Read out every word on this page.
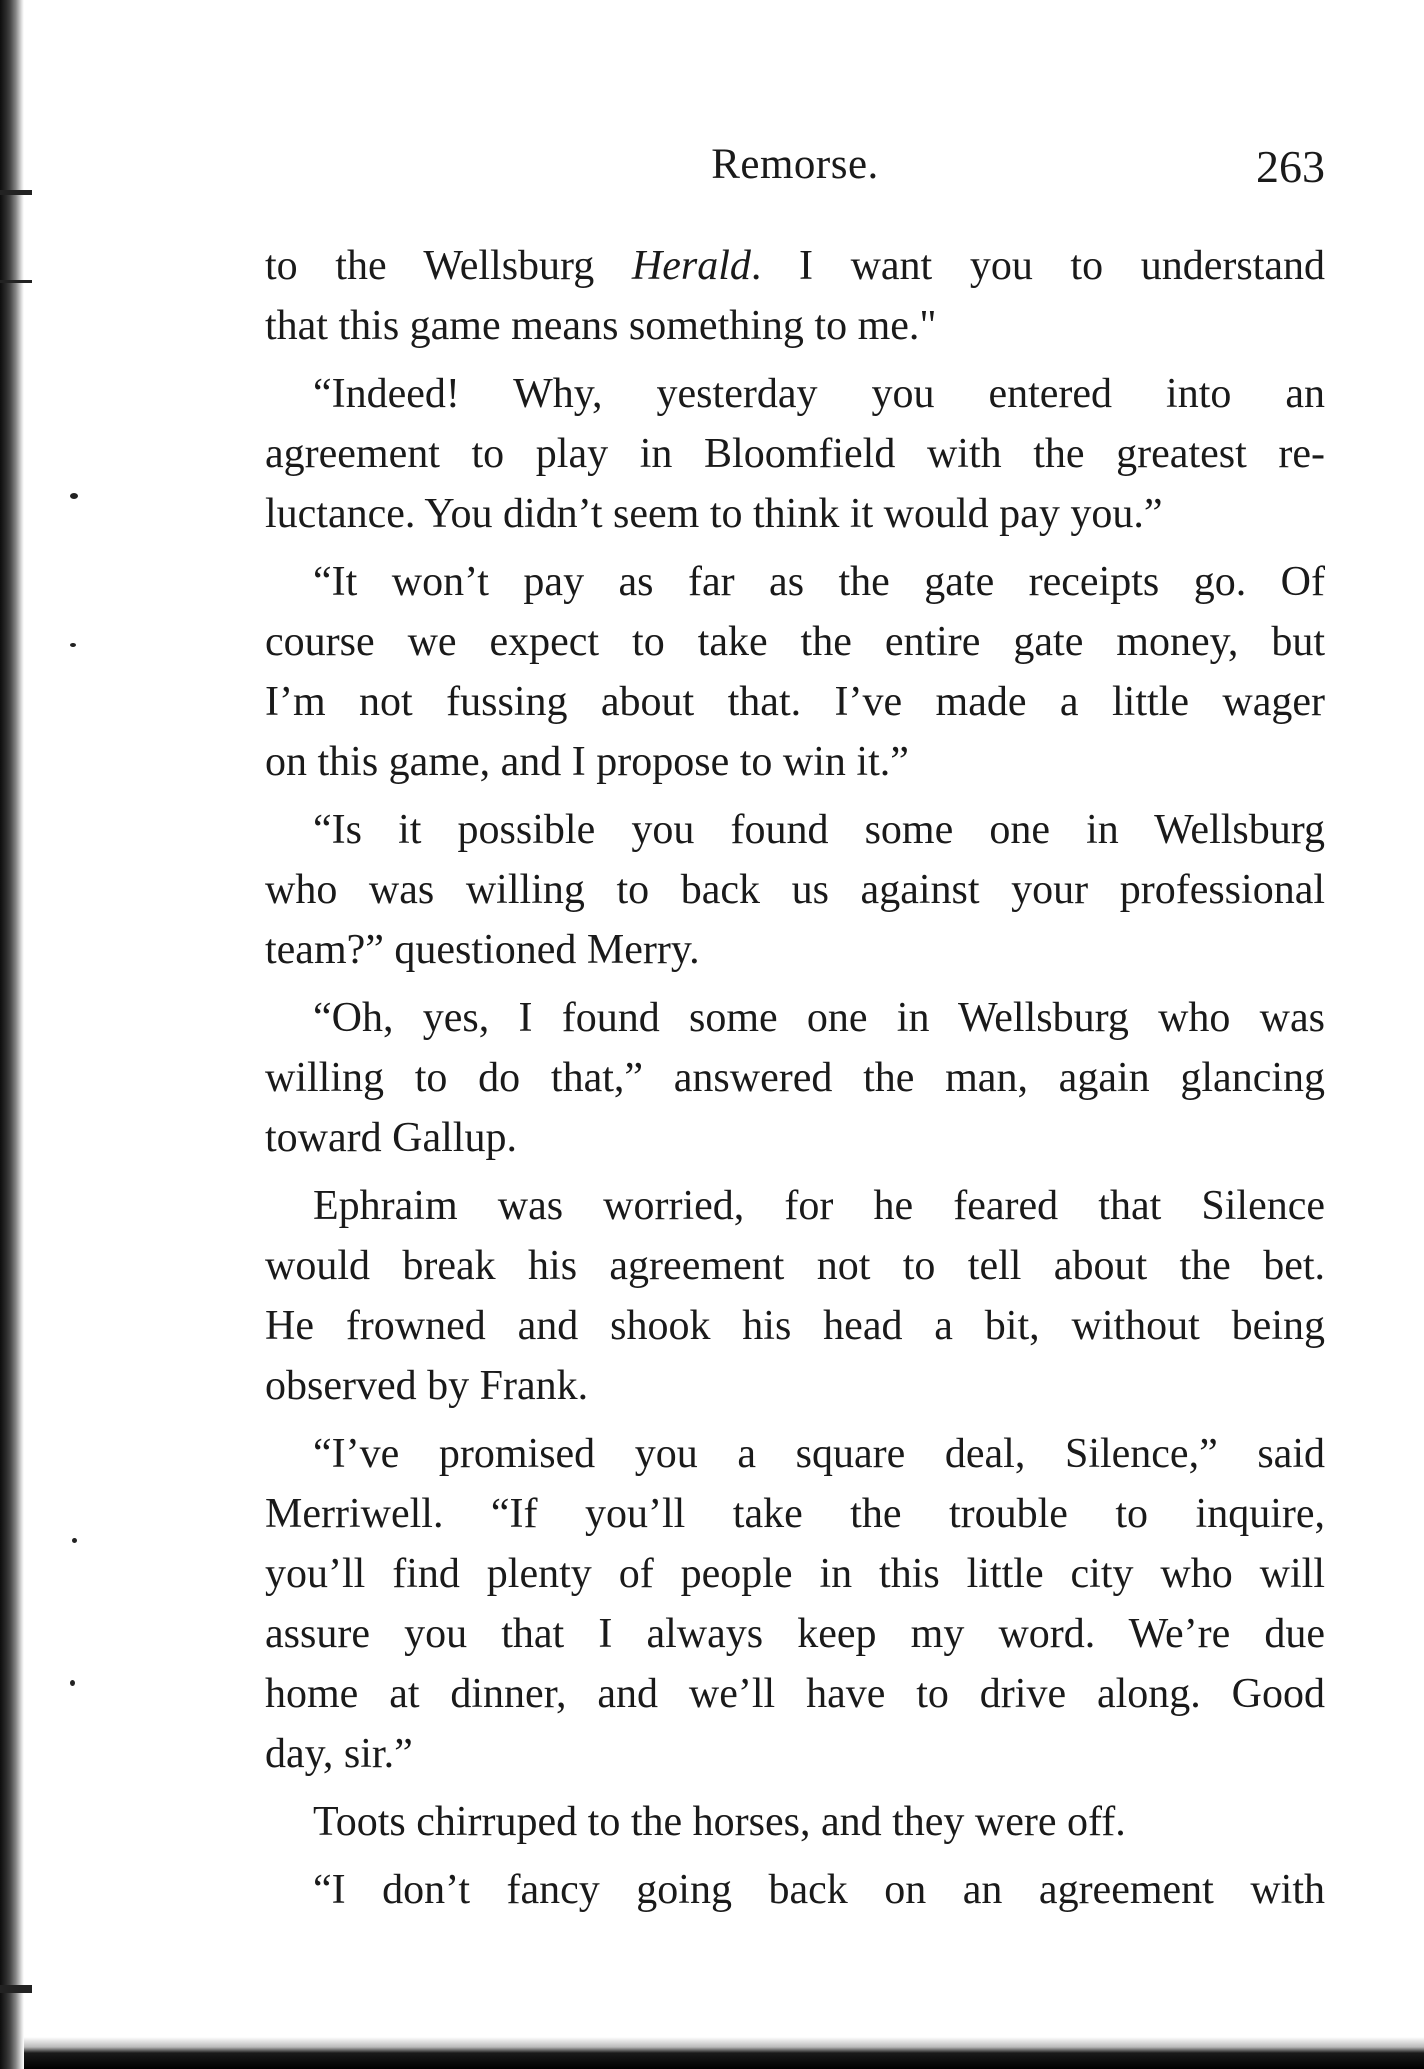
Remorse.	263
to the Wellsburg Herald. I want you to understand
that this game means something to me."
“Indeed! Why, yesterday you entered into an
agreement to play in Bloomfield with the greatest re-
luctance. You didn’t seem to think it would pay you.”
“It won’t pay as far as the gate receipts go. Of
course we expect to take the entire gate money, but
I’m not fussing about that. I’ve made a little wager
on this game, and I propose to win it.”
“Is it possible you found some one in Wellsburg
who was willing to back us against your professional
team?” questioned Merry.
“Oh, yes, I found some one in Wellsburg who was
willing to do that,” answered the man, again glancing
toward Gallup.
Ephraim was worried, for he feared that Silence
would break his agreement not to tell about the bet.
He frowned and shook his head a bit, without being
observed by Frank.
“I’ve promised you a square deal, Silence,” said
Merriwell. “If you’ll take the trouble to inquire,
you’ll find plenty of people in this little city who will
assure you that I always keep my word. We’re due
home at dinner, and we’ll have to drive along. Good
day, sir.”
Toots chirruped to the horses, and they were off.
“I don’t fancy going back on an agreement with
